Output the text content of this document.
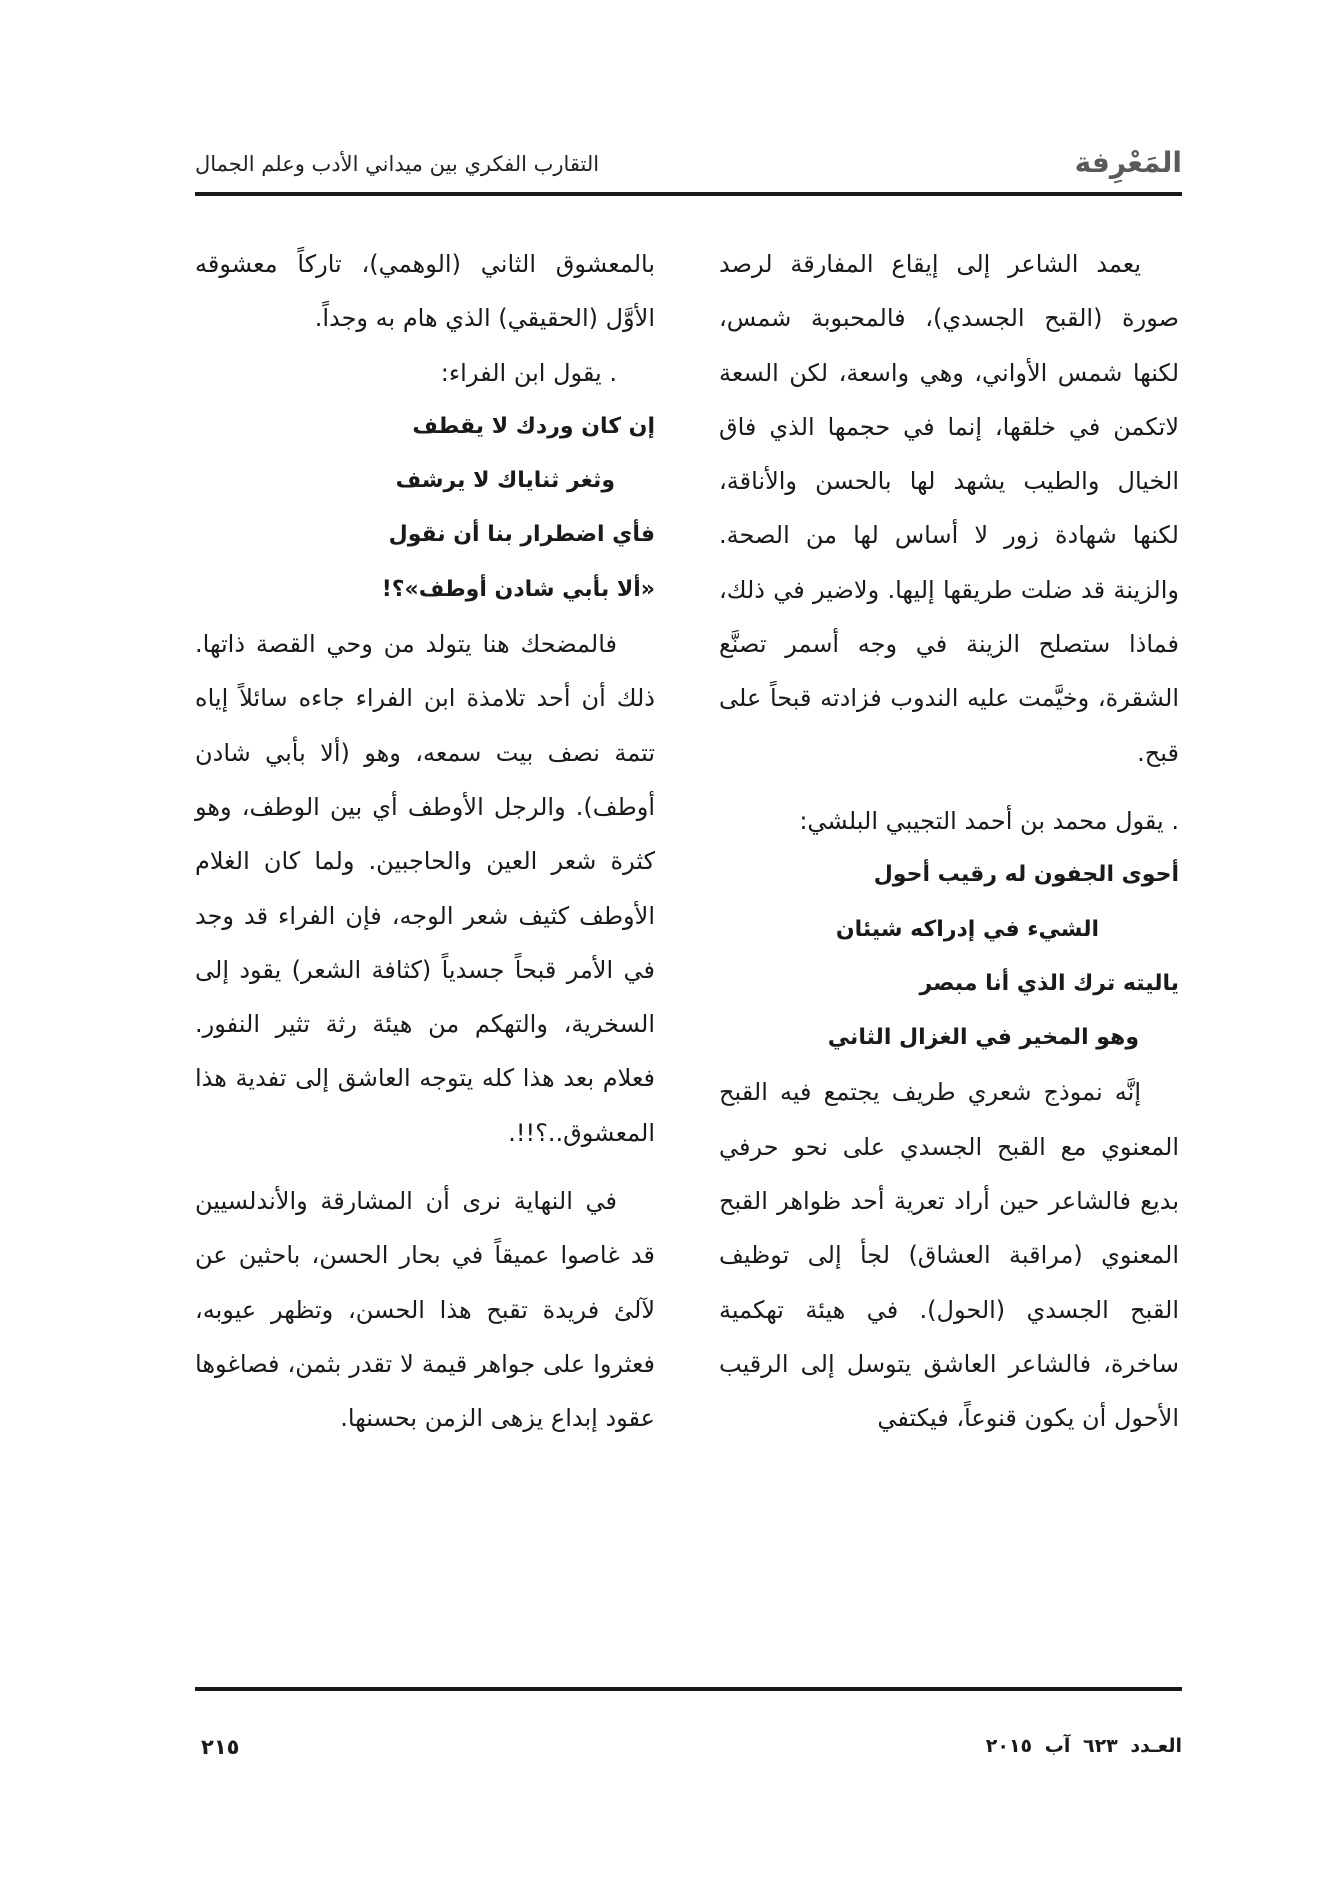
المَعْرِفة
التقارب الفكري بين ميداني الأدب وعلم الجمال

يعمد الشاعر إلى إيقاع المفارقة لرصد صورة (القبح الجسدي)، فالمحبوبة شمس، لكنها شمس الأواني، وهي واسعة، لكن السعة لاتكمن في خلقها، إنما في حجمها الذي فاق الخيال والطيب يشهد لها بالحسن والأناقة، لكنها شهادة زور لا أساس لها من الصحة. والزينة قد ضلت طريقها إليها. ولاضير في ذلك، فماذا ستصلح الزينة في وجه أسمر تصنَّع الشقرة، وخيَّمت عليه الندوب فزادته قبحاً على قبح.

. يقول محمد بن أحمد التجيبي البلشي:

أحوى الجفون له رقيب أحول

الشيء في إدراكه شيئان

ياليته ترك الذي أنا مبصر

وهو المخير في الغزال الثاني

إنَّه نموذج شعري طريف يجتمع فيه القبح المعنوي مع القبح الجسدي على نحو حرفي بديع فالشاعر حين أراد تعرية أحد ظواهر القبح المعنوي (مراقبة العشاق) لجأ إلى توظيف القبح الجسدي (الحول). في هيئة تهكمية ساخرة، فالشاعر العاشق يتوسل إلى الرقيب الأحول أن يكون قنوعاً، فيكتفي

بالمعشوق الثاني (الوهمي)، تاركاً معشوقه الأوَّل (الحقيقي) الذي هام به وجداً.

. يقول ابن الفراء:

إن كان وردك لا يقطف

وثغر ثناياك لا يرشف

فأي اضطرار بنا أن نقول

«ألا بأبي شادن أوطف»؟!

فالمضحك هنا يتولد من وحي القصة ذاتها. ذلك أن أحد تلامذة ابن الفراء جاءه سائلاً إياه تتمة نصف بيت سمعه، وهو (ألا بأبي شادن أوطف). والرجل الأوطف أي بين الوطف، وهو كثرة شعر العين والحاجبين. ولما كان الغلام الأوطف كثيف شعر الوجه، فإن الفراء قد وجد في الأمر قبحاً جسدياً (كثافة الشعر) يقود إلى السخرية، والتهكم من هيئة رثة تثير النفور. فعلام بعد هذا كله يتوجه العاشق إلى تفدية هذا المعشوق..؟!!.

في النهاية نرى أن المشارقة والأندلسيين قد غاصوا عميقاً في بحار الحسن، باحثين عن لآلئ فريدة تقبح هذا الحسن، وتظهر عيوبه، فعثروا على جواهر قيمة لا تقدر بثمن، فصاغوها عقود إبداع يزهى الزمن بحسنها.

العـدد ٦٢٣ آب ٢٠١٥
٢١٥
